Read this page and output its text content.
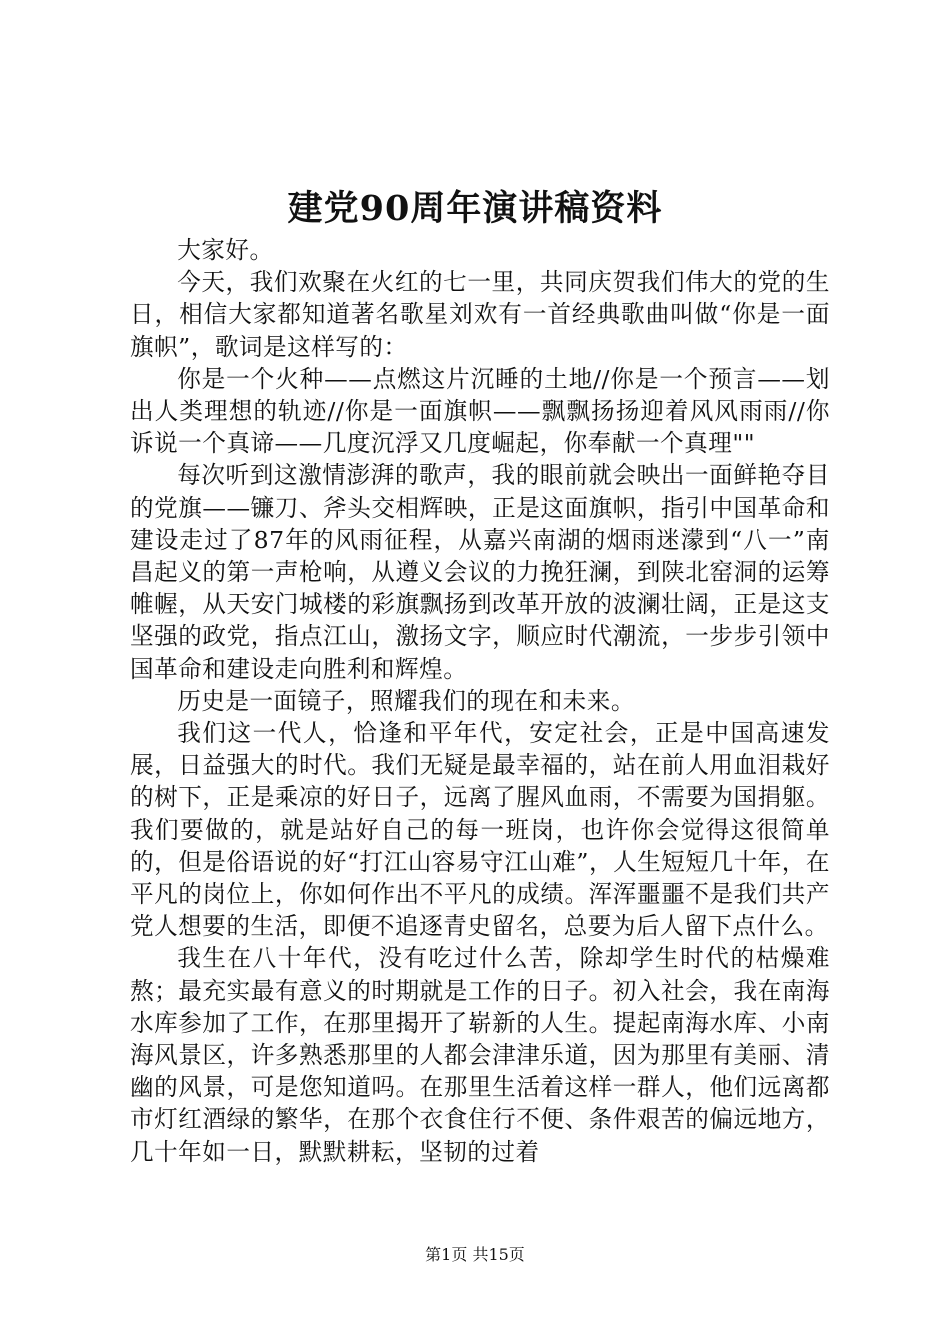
建党90周年演讲稿资料

大家好。

今天，我们欢聚在火红的七一里，共同庆贺我们伟大的党的生日，相信大家都知道著名歌星刘欢有一首经典歌曲叫做“你是一面旗帜”，歌词是这样写的：

你是一个火种——点燃这片沉睡的土地//你是一个预言——划出人类理想的轨迹//你是一面旗帜——飘飘扬扬迎着风风雨雨//你诉说一个真谛——几度沉浮又几度崛起，你奉献一个真理""

每次听到这激情澎湃的歌声，我的眼前就会映出一面鲜艳夺目的党旗——镰刀、斧头交相辉映，正是这面旗帜，指引中国革命和建设走过了87年的风雨征程，从嘉兴南湖的烟雨迷濛到“八一”南昌起义的第一声枪响，从遵义会议的力挽狂澜，到陕北窑洞的运筹帷幄，从天安门城楼的彩旗飘扬到改革开放的波澜壮阔，正是这支坚强的政党，指点江山，激扬文字，顺应时代潮流，一步步引领中国革命和建设走向胜利和辉煌。

历史是一面镜子，照耀我们的现在和未来。

我们这一代人，恰逢和平年代，安定社会，正是中国高速发展，日益强大的时代。我们无疑是最幸福的，站在前人用血泪栽好的树下，正是乘凉的好日子，远离了腥风血雨，不需要为国捐躯。我们要做的，就是站好自己的每一班岗，也许你会觉得这很简单的，但是俗语说的好“打江山容易守江山难”，人生短短几十年，在平凡的岗位上，你如何作出不平凡的成绩。浑浑噩噩不是我们共产党人想要的生活，即便不追逐青史留名，总要为后人留下点什么。

我生在八十年代，没有吃过什么苦，除却学生时代的枯燥难熬；最充实最有意义的时期就是工作的日子。初入社会，我在南海水库参加了工作，在那里揭开了崭新的人生。提起南海水库、小南海风景区，许多熟悉那里的人都会津津乐道，因为那里有美丽、清幽的风景，可是您知道吗。在那里生活着这样一群人，他们远离都市灯红酒绿的繁华，在那个衣食住行不便、条件艰苦的偏远地方，几十年如一日，默默耕耘，坚韧的过着

第1页 共15页
